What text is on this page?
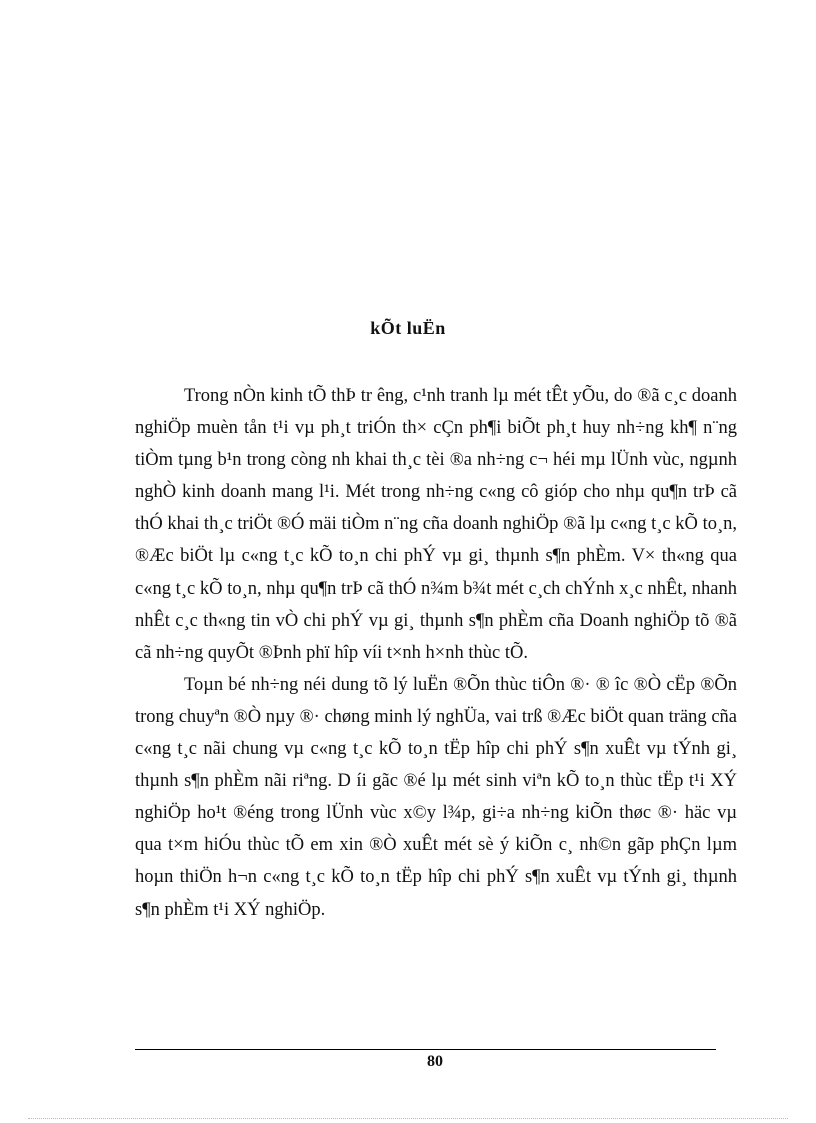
kÕt luËn

Trong nÒn kinh tÕ thÞ tr êng, c¹nh tranh lµ mét tÊt yÕu, do ®ã c¸c doanh nghiÖp muèn tån t¹i vµ ph¸t triÓn th× cÇn ph¶i biÕt ph¸t huy nh÷ng kh¶ n¨ng tiÒm tµng b¹n trong còng nh khai th¸c tèi ®a nh÷ng c¬ héi mµ lÜnh vùc, ngµnh nghÒ kinh doanh mang l¹i. Mét trong nh÷ng c«ng cô gióp cho nhµ qu¶n trÞ cã thÓ khai th¸c triÖt ®Ó mäi tiÒm n¨ng cña doanh nghiÖp ®ã lµ c«ng t¸c kÕ to¸n, ®Æc biÖt lµ c«ng t¸c kÕ to¸n chi phÝ vµ gi¸ thµnh s¶n phÈm. V× th«ng qua c«ng t¸c kÕ to¸n, nhµ qu¶n trÞ cã thÓ n¾m b¾t mét c¸ch chÝnh x¸c nhÊt, nhanh nhÊt c¸c th«ng tin vÒ chi phÝ vµ gi¸ thµnh s¶n phÈm cña Doanh nghiÖp tõ ®ã cã nh÷ng quyÕt ®Þnh phï hîp víi t×nh h×nh thùc tÕ.

Toµn bé nh÷ng néi dung tõ lý luËn ®Õn thùc tiÔn ®· ® îc ®Ò cËp ®Õn trong chuyªn ®Ò nµy ®· chøng minh lý nghÜa, vai trß ®Æc biÖt quan träng cña c«ng t¸c nãi chung vµ c«ng t¸c kÕ to¸n tËp hîp chi phÝ s¶n xuÊt vµ tÝnh gi¸ thµnh s¶n phÈm nãi riªng. D íi gãc ®é lµ mét sinh viªn kÕ to¸n thùc tËp t¹i XÝ nghiÖp ho¹t ®éng trong lÜnh vùc x©y l¾p, gi÷a nh÷ng kiÕn thøc ®· häc vµ qua t×m hiÓu thùc tÕ em xin ®Ò xuÊt mét sè ý kiÕn c¸ nh©n gãp phÇn lµm hoµn thiÖn h¬n c«ng t¸c kÕ to¸n tËp hîp chi phÝ s¶n xuÊt vµ tÝnh gi¸ thµnh s¶n phÈm t¹i XÝ nghiÖp.

80
